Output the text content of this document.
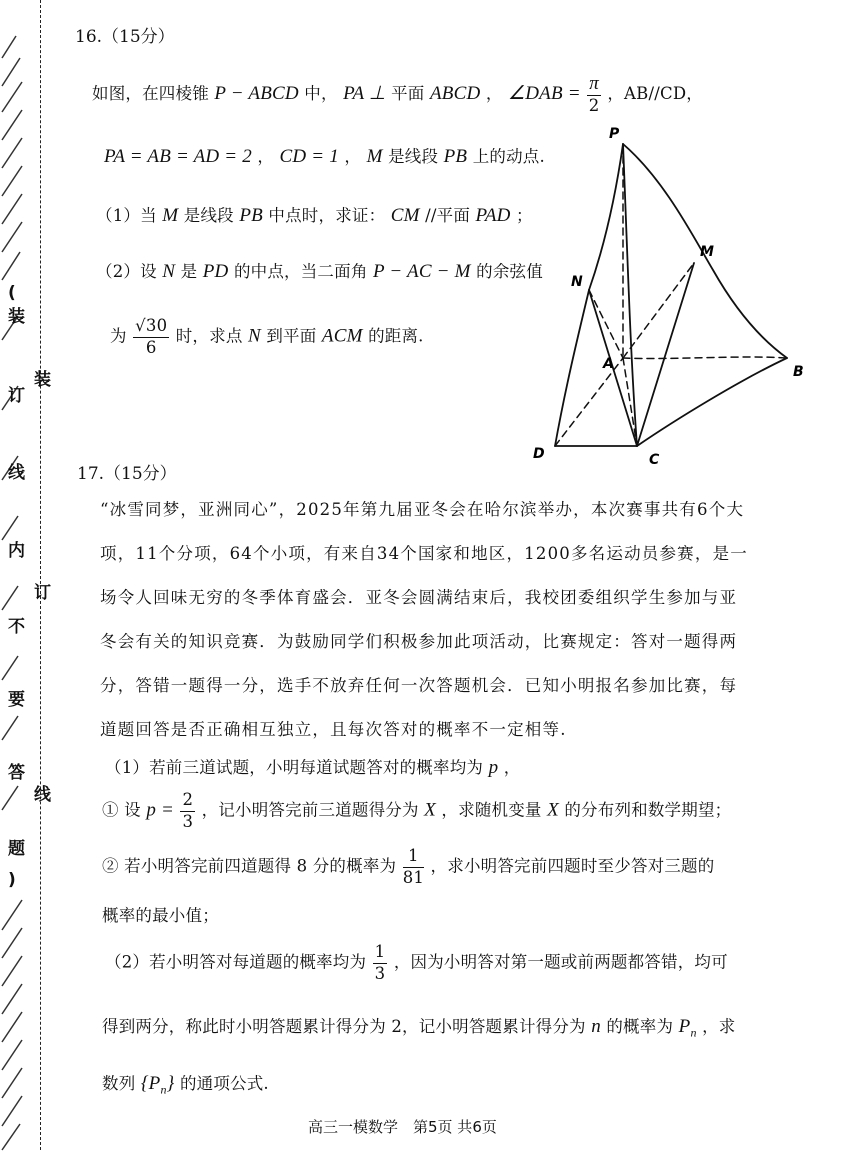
(
装
订
线
内
不
要
答
题
)
装
订
线
16.（15分）
如图，在四棱锥 P − ABCD 中， PA ⊥ 平面 ABCD ， ∠DAB = $\frac{\pi}{2}$ ，AB//CD，
PA = AB = AD = 2 ， CD = 1 ， M 是线段 PB 上的动点.
（1）当 M 是线段 PB 中点时，求证： CM //平面 PAD ；
（2）设 N 是 PD 的中点，当二面角 P − AC − M 的余弦值
为 $\frac{√30}{6}$ 时，求点 N 到平面 ACM 的距离.
P
M
N
A	B
D	C
17.（15分）
“冰雪同梦，亚洲同心”，2025年第九届亚冬会在哈尔滨举办，本次赛事共有6个大
项，11个分项，64个小项，有来自34个国家和地区，1200多名运动员参赛，是一
场令人回味无穷的冬季体育盛会．亚冬会圆满结束后，我校团委组织学生参加与亚
冬会有关的知识竞赛．为鼓励同学们积极参加此项活动，比赛规定：答对一题得两
分，答错一题得一分，选手不放弃任何一次答题机会．已知小明报名参加比赛，每
道题回答是否正确相互独立，且每次答对的概率不一定相等.
（1）若前三道试题，小明每道试题答对的概率均为 p ，
① 设 $p = \frac{2}{3}$ ，记小明答完前三道题得分为 X ，求随机变量 X 的分布列和数学期望；
② 若小明答完前四道题得 8 分的概率为 $\frac{1}{81}$ ，求小明答完前四题时至少答对三题的
概率的最小值；
（2）若小明答对每道题的概率均为 $\frac{1}{3}$ ，因为小明答对第一题或前两题都答错，均可
得到两分，称此时小明答题累计得分为 2，记小明答题累计得分为 n 的概率为 $P_n$ ，求
数列 $\{P_n\}$ 的通项公式.
高三一模数学　第5页 共6页
